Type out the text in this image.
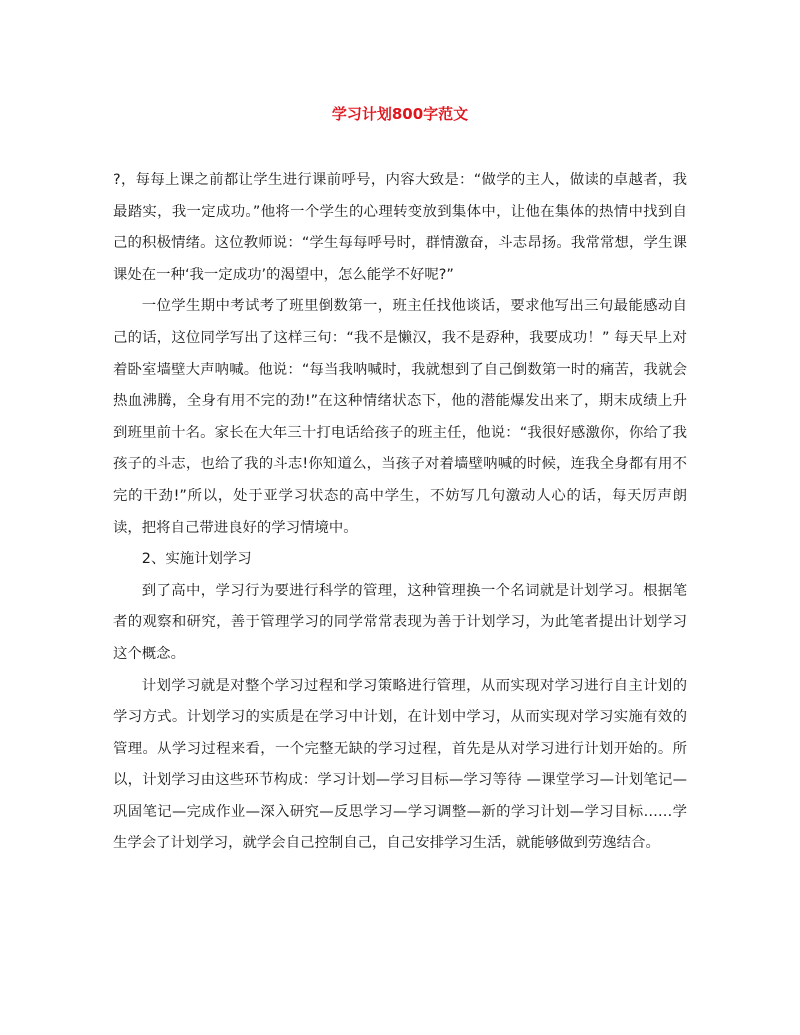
学习计划800字范文

?，每每上课之前都让学生进行课前呼号，内容大致是：“做学的主人，做读的卓越者，我最踏实，我一定成功。”他将一个学生的心理转变放到集体中，让他在集体的热情中找到自己的积极情绪。这位教师说：“学生每每呼号时，群情激奋，斗志昂扬。我常常想，学生课课处在一种‘我一定成功’的渴望中，怎么能学不好呢?”

一位学生期中考试考了班里倒数第一，班主任找他谈话，要求他写出三句最能感动自己的话，这位同学写出了这样三句：“我不是懒汉，我不是孬种，我要成功！” 每天早上对着卧室墙壁大声呐喊。他说：“每当我呐喊时，我就想到了自己倒数第一时的痛苦，我就会热血沸腾，全身有用不完的劲!”在这种情绪状态下，他的潜能爆发出来了，期末成绩上升到班里前十名。家长在大年三十打电话给孩子的班主任，他说：“我很好感激你，你给了我孩子的斗志，也给了我的斗志!你知道么，当孩子对着墙壁呐喊的时候，连我全身都有用不完的干劲!”所以，处于亚学习状态的高中学生，不妨写几句激动人心的话，每天厉声朗读，把将自己带进良好的学习情境中。

2、实施计划学习

到了高中，学习行为要进行科学的管理，这种管理换一个名词就是计划学习。根据笔者的观察和研究，善于管理学习的同学常常表现为善于计划学习，为此笔者提出计划学习这个概念。

计划学习就是对整个学习过程和学习策略进行管理，从而实现对学习进行自主计划的学习方式。计划学习的实质是在学习中计划，在计划中学习，从而实现对学习实施有效的管理。从学习过程来看，一个完整无缺的学习过程，首先是从对学习进行计划开始的。所以，计划学习由这些环节构成：学习计划—学习目标—学习等待 —课堂学习—计划笔记—巩固笔记—完成作业—深入研究—反思学习—学习调整—新的学习计划—学习目标……学生学会了计划学习，就学会自己控制自己，自己安排学习生活，就能够做到劳逸结合。
